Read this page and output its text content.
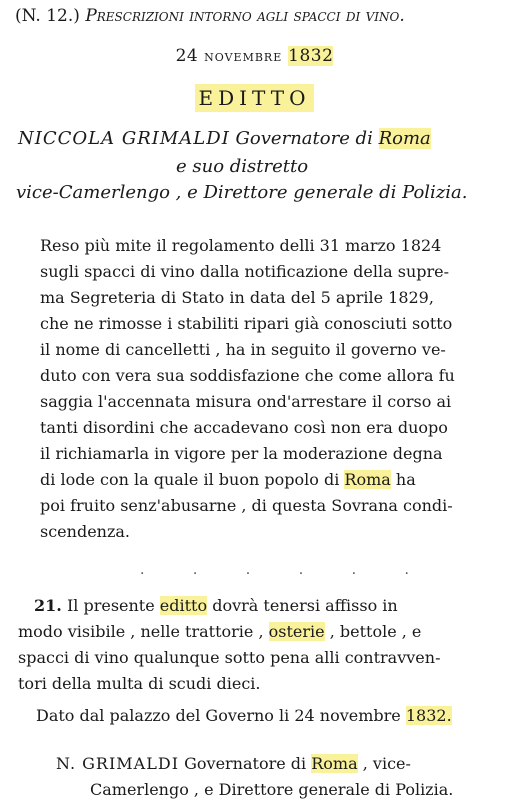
(N. 12.) Prescrizioni intorno agli spacci di vino.
24 NOVEMBRE 1832
EDITTO
NICCOLA GRIMALDI Governatore di Roma
e suo distretto
vice-Camerlengo , e Direttore generale di Polizia.
Reso più mite il regolamento delli 31 marzo 1824
sugli spacci di vino dalla notificazione della supre-
ma Segreteria di Stato in data del 5 aprile 1829,
che ne rimosse i stabiliti ripari già conosciuti sotto
il nome di cancelletti , ha in seguito il governo ve-
duto con vera sua soddisfazione che come allora fu
saggia l'accennata misura ond'arrestare il corso ai
tanti disordini che accadevano così non era duopo
il richiamarla in vigore per la moderazione degna
di lode con la quale il buon popolo di Roma ha
poi fruito senz'abusarne , di questa Sovrana condi-
scendenza.
. . . . . .
21. Il presente editto dovrà tenersi affisso in
modo visibile , nelle trattorie , osterie , bettole , e
spacci di vino qualunque sotto pena alli contravven-
tori della multa di scudi dieci.
Dato dal palazzo del Governo li 24 novembre 1832.
N. GRIMALDI Governatore di Roma , vice-
Camerlengo , e Direttore generale di Polizia.
